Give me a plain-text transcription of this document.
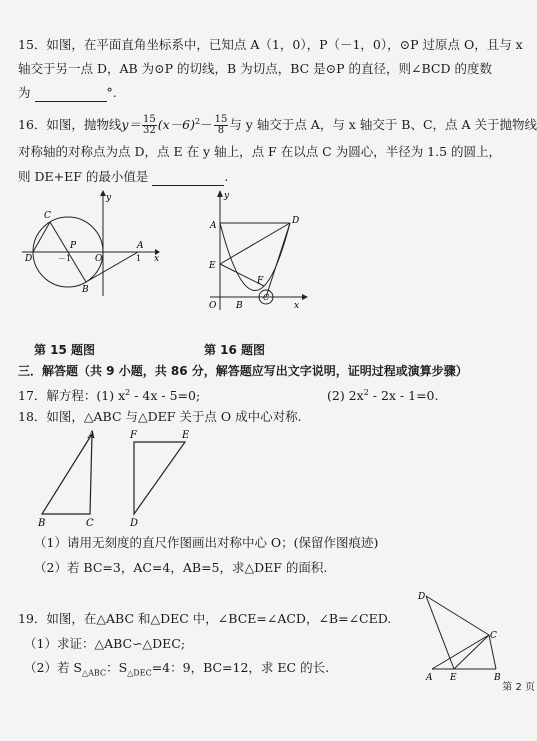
15．如图，在平面直角坐标系中，已知点 A（1，0），P（－1，0），⊙P 过原点 O，且与 x
轴交于另一点 D，AB 为⊙P 的切线，B 为切点，BC 是⊙P 的直径，则∠BCD 的度数
为	°.
16．如图，抛物线$y= \frac{15}{32} (x-6)^2- \frac{15}{8}$ 与 y 轴交于点 A，与 x 轴交于 B、C，点 A 关于抛物线
对称轴的对称点为点 D，点 E 在 y 轴上，点 F 在以点 C 为圆心，半径为 1.5 的圆上，
则 DE+EF 的最小值是	.
C
y
P	A
D	－1	O	1 x
B
A
y
D
E
F
O B
C
x
第 15 题图	第 16 题图
三．解答题（共 9 小题，共 86 分，解答题应写出文字说明，证明过程或演算步骤）
17．解方程：(1) $x^2 - 4x - 5=0$;	(2) $2x^2 - 2x - 1=0$.
18．如图，△ABC 与△DEF 关于点 O 成中心对称.
A
B	C
F	E
D
（1）请用无刻度的直尺作图画出对称中心 O；(保留作图痕迹)
（2）若 BC=3，AC=4，AB=5，求△DEF 的面积.
19．如图，在△ABC 和△DEC 中，∠BCE=∠ACD，∠B=∠CED.
（1）求证：△ABC∽△DEC;
（2）若 $S_{\triangle ABC}$：$S_{\triangle DEC}=4$：9，BC=12，求 EC 的长.
D
C
A E	B
第 2 页
